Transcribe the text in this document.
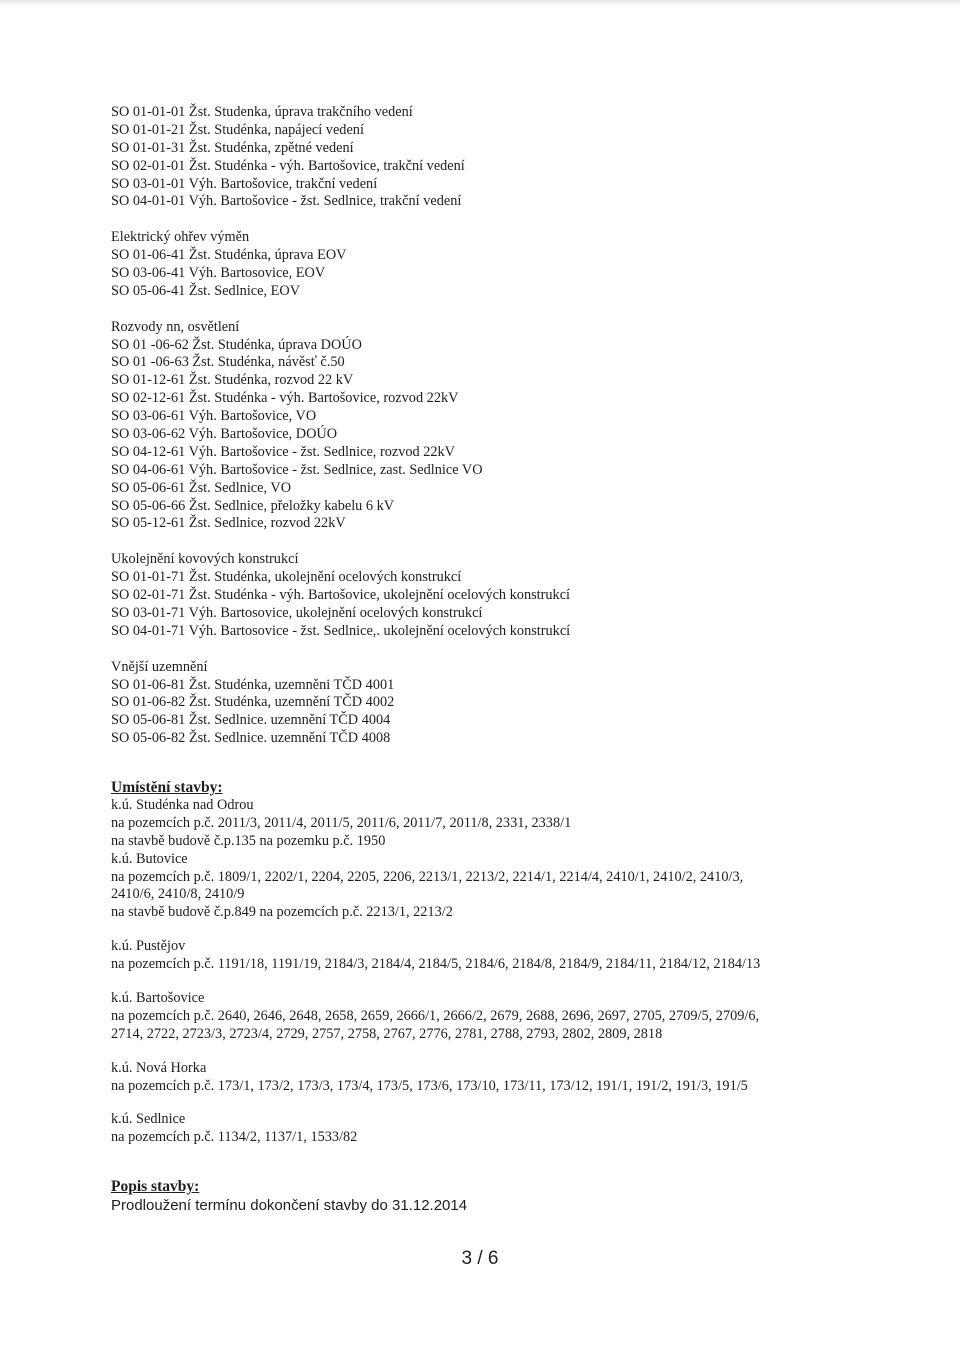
SO 01-01-01 Žst. Studenka, úprava trakčního vedení
SO 01-01-21 Žst. Studénka, napájecí vedení
SO 01-01-31 Žst. Studénka, zpětné vedení
SO 02-01-01 Žst. Studénka - výh. Bartošovice, trakční vedení
SO 03-01-01 Výh. Bartošovice, trakční vedení
SO 04-01-01 Výh. Bartošovice - žst. Sedlnice, trakční vedení
Elektrický ohřev výměn
SO 01-06-41 Žst. Studénka, úprava EOV
SO 03-06-41 Výh. Bartosovice, EOV
SO 05-06-41 Žst. Sedlnice, EOV
Rozvody nn, osvětlení
SO 01 -06-62 Žst. Studénka, úprava DOÚO
SO 01 -06-63 Žst. Studénka, návěsť č.50
SO 01-12-61 Žst. Studénka, rozvod 22 kV
SO 02-12-61 Žst. Studénka - výh. Bartošovice, rozvod 22kV
SO 03-06-61 Výh. Bartošovice, VO
SO 03-06-62 Výh. Bartošovice, DOÚO
SO 04-12-61 Výh. Bartošovice - žst. Sedlnice, rozvod 22kV
SO 04-06-61 Výh. Bartošovice - žst. Sedlnice, zast. Sedlnice VO
SO 05-06-61 Žst. Sedlnice, VO
SO 05-06-66 Žst. Sedlnice, přeložky kabelu 6 kV
SO 05-12-61 Žst. Sedlnice, rozvod 22kV
Ukolejnění kovových konstrukcí
SO 01-01-71 Žst. Studénka, ukolejnění ocelových konstrukcí
SO 02-01-71 Žst. Studénka - výh. Bartošovice, ukolejnění ocelových konstrukcí
SO 03-01-71 Výh. Bartosovice, ukolejnění ocelových konstrukcí
SO 04-01-71 Výh. Bartosovice - žst. Sedlnice,. ukolejnění ocelových konstrukcí
Vnější uzemnění
SO 01-06-81 Žst. Studénka, uzemněni TČD 4001
SO 01-06-82 Žst. Studénka, uzemnění TČD 4002
SO 05-06-81 Žst. Sedlnice. uzemnění TČD 4004
SO 05-06-82 Žst. Sedlnice. uzemnění TČD 4008
Umístění stavby:
k.ú. Studénka nad Odrou
na pozemcích p.č. 2011/3, 2011/4, 2011/5, 2011/6, 2011/7, 2011/8, 2331, 2338/1
na stavbě budově č.p.135 na pozemku p.č. 1950
k.ú. Butovice
na pozemcích p.č. 1809/1, 2202/1, 2204, 2205, 2206, 2213/1, 2213/2, 2214/1, 2214/4, 2410/1, 2410/2, 2410/3,
2410/6, 2410/8, 2410/9
na stavbě budově č.p.849 na pozemcích p.č. 2213/1, 2213/2
k.ú. Pustějov
na pozemcích p.č. 1191/18, 1191/19, 2184/3, 2184/4, 2184/5, 2184/6, 2184/8, 2184/9, 2184/11, 2184/12, 2184/13
k.ú. Bartošovice
na pozemcích p.č. 2640, 2646, 2648, 2658, 2659, 2666/1, 2666/2, 2679, 2688, 2696, 2697, 2705, 2709/5, 2709/6,
2714, 2722, 2723/3, 2723/4, 2729, 2757, 2758, 2767, 2776, 2781, 2788, 2793, 2802, 2809, 2818
k.ú. Nová Horka
na pozemcích p.č. 173/1, 173/2, 173/3, 173/4, 173/5, 173/6, 173/10, 173/11, 173/12, 191/1, 191/2, 191/3, 191/5
k.ú. Sedlnice
na pozemcích p.č. 1134/2, 1137/1, 1533/82
Popis stavby:
Prodloužení termínu dokončení stavby do 31.12.2014
3 / 6
